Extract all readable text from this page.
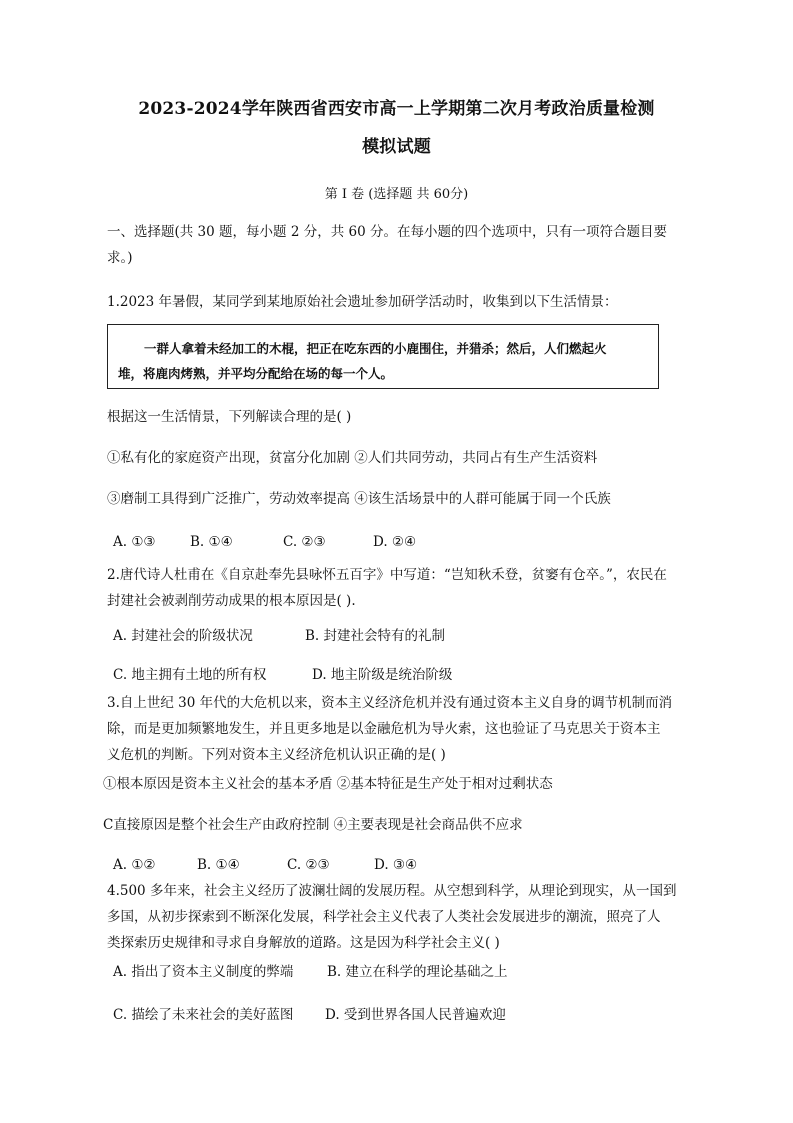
2023-2024学年陕西省西安市高一上学期第二次月考政治质量检测
模拟试题
第 I 卷 (选择题 共 60分)
一、选择题(共 30 题，每小题 2 分，共 60 分。在每小题的四个选项中，只有一项符合题目要
求。)
1.2023 年暑假，某同学到某地原始社会遗址参加研学活动时，收集到以下生活情景：
一群人拿着未经加工的木棍，把正在吃东西的小鹿围住，并猎杀；然后，人们燃起火
堆，将鹿肉烤熟，并平均分配给在场的每一个人。
根据这一生活情景，下列解读合理的是( )
①私有化的家庭资产出现，贫富分化加剧 ②人们共同劳动，共同占有生产生活资料
③磨制工具得到广泛推广，劳动效率提高 ④该生活场景中的人群可能属于同一个氏族
A. ①③	B. ①④	C. ②③	D. ②④
2.唐代诗人杜甫在《自京赴奉先县咏怀五百字》中写道：“岂知秋禾登，贫窭有仓卒。”，农民在
封建社会被剥削劳动成果的根本原因是( ).
A. 封建社会的阶级状况	B. 封建社会特有的礼制
C. 地主拥有土地的所有权	D. 地主阶级是统治阶级
3.自上世纪 30 年代的大危机以来，资本主义经济危机并没有通过资本主义自身的调节机制而消
除，而是更加频繁地发生，并且更多地是以金融危机为导火索，这也验证了马克思关于资本主
义危机的判断。下列对资本主义经济危机认识正确的是( )
①根本原因是资本主义社会的基本矛盾 ②基本特征是生产处于相对过剩状态
C直接原因是整个社会生产由政府控制 ④主要表现是社会商品供不应求
A. ①②	B. ①④	C. ②③	D. ③④
4.500 多年来，社会主义经历了波澜壮阔的发展历程。从空想到科学，从理论到现实，从一国到
多国，从初步探索到不断深化发展，科学社会主义代表了人类社会发展进步的潮流，照亮了人
类探索历史规律和寻求自身解放的道路。这是因为科学社会主义( )
A. 指出了资本主义制度的弊端 B. 建立在科学的理论基础之上
C. 描绘了未来社会的美好蓝图 D. 受到世界各国人民普遍欢迎
